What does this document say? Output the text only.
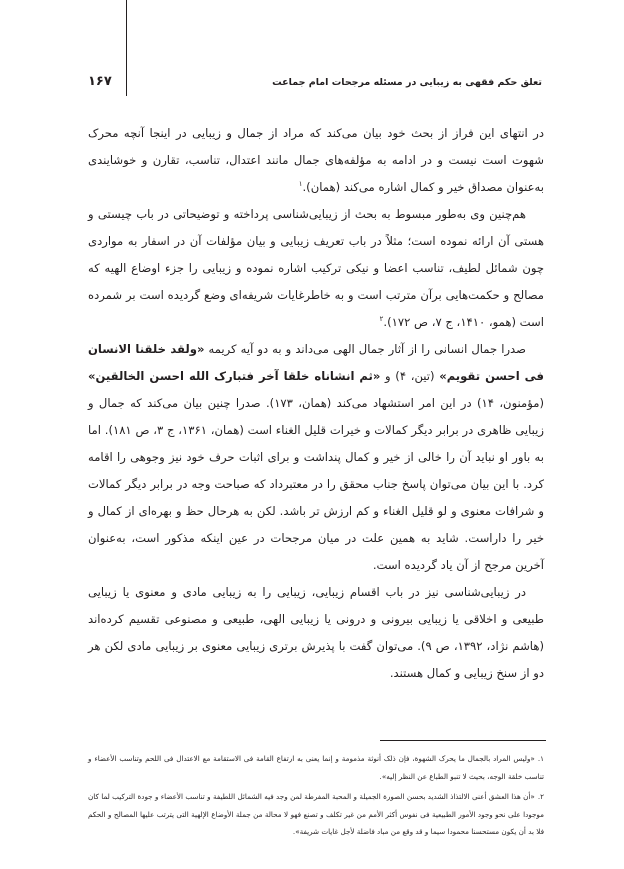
۱۶۷	تعلق حکم فقهی به زیبایی در مسئله مرجحات امام جماعت

در انتهای این فراز از بحث خود بیان می‌کند که مراد از جمال و زیبایی در اینجا آنچه محرک شهوت است نیست و در ادامه به مؤلفه‌های جمال مانند اعتدال، تناسب، تقارن و خوشایندی به‌عنوان مصداق خیر و کمال اشاره می‌کند (همان).$^۱$

هم‌چنین وی به‌طور مبسوط به بحث از زیبایی‌شناسی پرداخته و توضیحاتی در باب چیستی و هستی آن ارائه نموده است؛ مثلاً در باب تعریف زیبایی و بیان مؤلفات آن در اسفار به مواردی چون شمائل لطیف، تناسب اعضا و نیکی ترکیب اشاره نموده و زیبایی را جزء اوضاع الهیه که مصالح و حکمت‌هایی برآن مترتب است و به خاطرغایات شریفه‌ای وضع گردیده است بر شمرده است (همو، ۱۴۱۰، ج ۷، ص ۱۷۲).$^۲$

صدرا جمال انسانی را از آثار جمال الهی می‌داند و به دو آیه کریمه «ولقد خلقنا الانسان فی احسن تقویم» (تین، ۴) و «ثم انشاناه خلقا آخر فتبارک الله احسن الخالقین» (مؤمنون، ۱۴) در این امر استشهاد می‌کند (همان، ۱۷۳). صدرا چنین بیان می‌کند که جمال و زیبایی ظاهری در برابر دیگر کمالات و خیرات قلیل الغناء است (همان، ۱۳۶۱، ج ۳، ص ۱۸۱). اما به باور او نباید آن را خالی از خیر و کمال پنداشت و برای اثبات حرف خود نیز وجوهی را اقامه کرد. با این بیان می‌توان پاسخ جناب محقق را در معتبرداد که صباحت وجه در برابر دیگر کمالات و شرافات معنوی و لو قلیل الغناء و کم ارزش تر باشد. لکن به هرحال حظ و بهره‌ای از کمال و خیر را داراست. شاید به همین علت در میان مرجحات در عین اینکه مذکور است، به‌عنوان آخرین مرجح از آن یاد گردیده است.

در زیبایی‌شناسی نیز در باب اقسام زیبایی، زیبایی را به زیبایی مادی و معنوی یا زیبایی طبیعی و اخلاقی یا زیبایی بیرونی و درونی یا زیبایی الهی، طبیعی و مصنوعی تقسیم کرده‌اند (هاشم نژاد، ۱۳۹۲، ص ۹). می‌توان گفت با پذیرش برتری زیبایی معنوی بر زیبایی مادی لکن هر دو از سنخ زیبایی و کمال هستند.

۱.«ولیس المراد بالجمال ما یحرک الشهوة، فإن ذلک أنوثة مذمومة و إنما یعنی به ارتفاع القامة فی الاستقامة مع الاعتدال فی اللحم وتناسب الأعضاء و تناسب خلقة الوجه، بحیث لا تنبو الطباع عن النظر إلیه».

۲.«أن هذا العشق أعنی الالتذاذ الشدید بحسن الصورة الجمیلة و المحبة المفرطة لمن وجد فیه الشمائل اللطیفة و تناسب الأعضاء و جودة الترکیب لما کان موجودا علی نحو وجود الأمور الطبیعیة فی نفوس أکثر الأمم من غیر تکلف و تصنع فهو لا محالة من جملة الأوضاع الإلهیة التی یترتب علیها المصالح و الحکم فلا بد أن یکون مستحسنا محمودا سیما و قد وقع من مباد فاضلة لأجل غایات شریفة».
